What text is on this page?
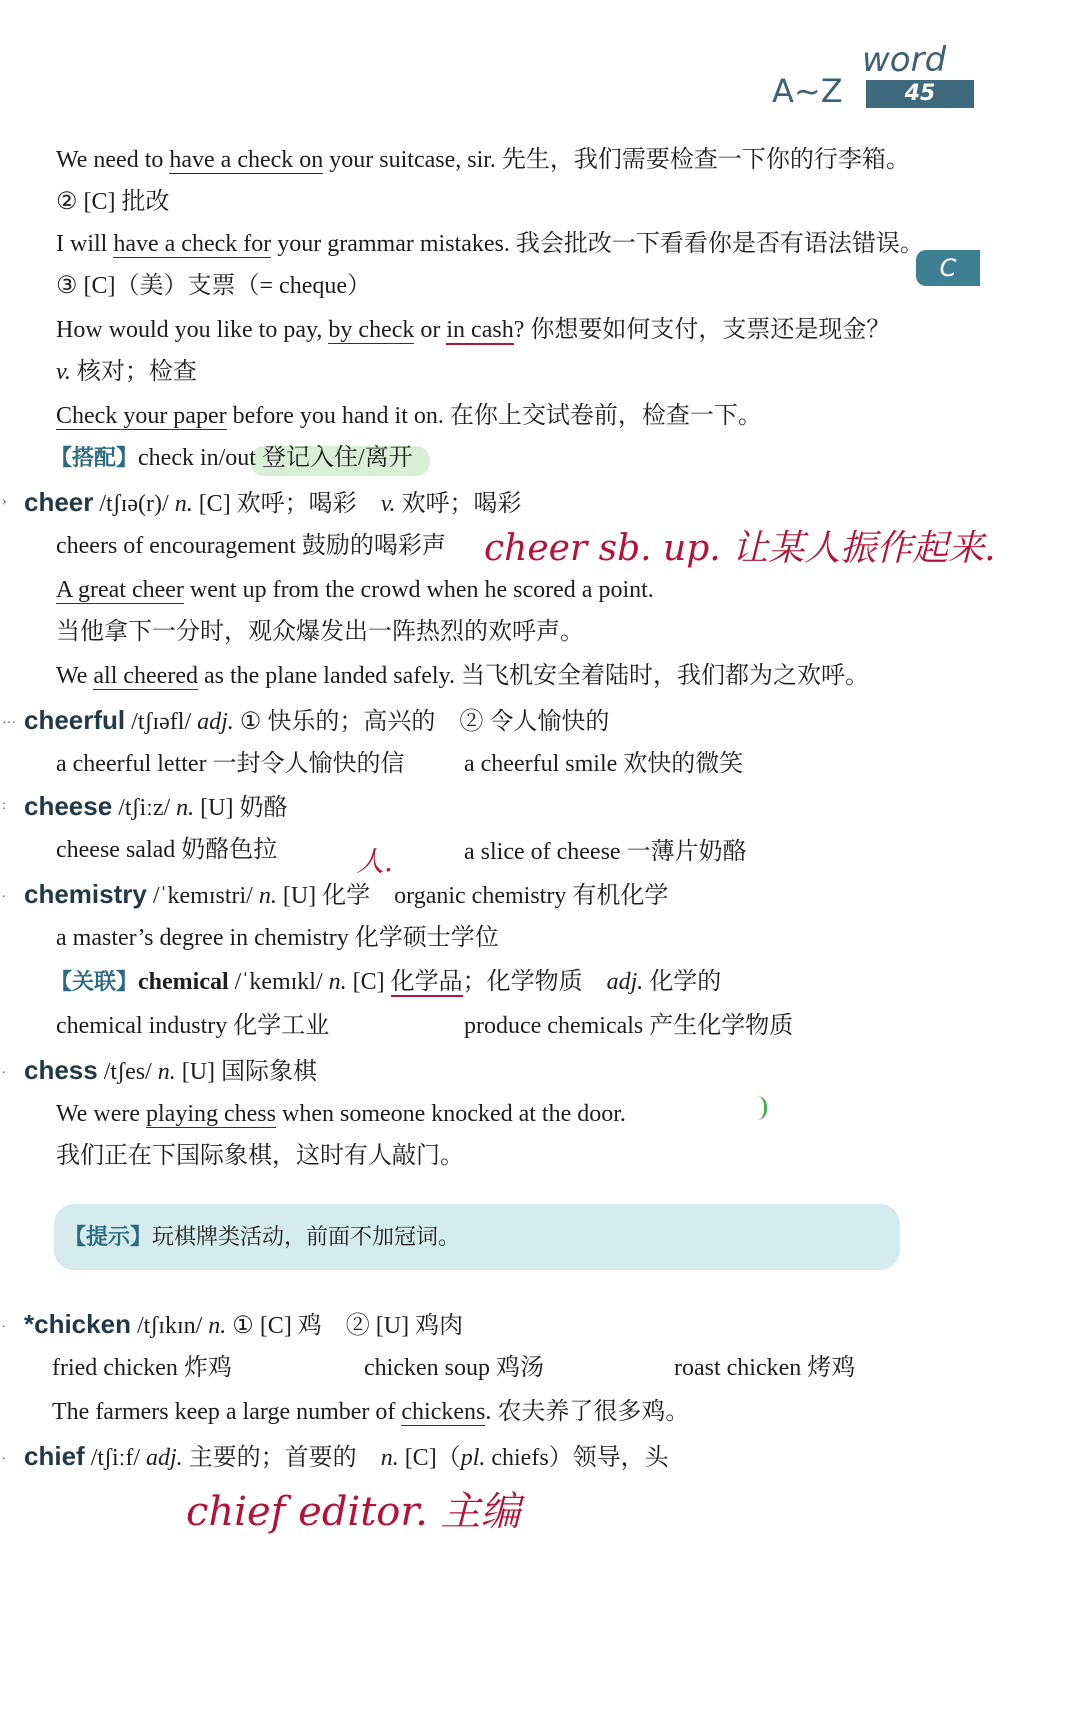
word
A~Z	45
C
We need to have a check on your suitcase, sir. 先生，我们需要检查一下你的行李箱。
② [C] 批改
I will have a check for your grammar mistakes. 我会批改一下看看你是否有语法错误。
③ [C]（美）支票（= cheque）
How would you like to pay, by check or in cash? 你想要如何支付，支票还是现金？
v. 核对；检查
Check your paper before you hand it on. 在你上交试卷前，检查一下。
【搭配】check in/out 登记入住/离开
› cheer /tʃɪə(r)/ n. [C] 欢呼；喝彩　 v. 欢呼；喝彩
cheers of encouragement 鼓励的喝彩声 cheer sb. up. 让某人振作起来.
A great cheer went up from the crowd when he scored a point.
当他拿下一分时，观众爆发出一阵热烈的欢呼声。
We all cheered as the plane landed safely. 当飞机安全着陆时，我们都为之欢呼。
… cheerful /tʃɪəfl/ adj. ① 快乐的；高兴的　② 令人愉快的
a cheerful letter 一封令人愉快的信 a cheerful smile 欢快的微笑
: cheese /tʃiːz/ n. [U] 奶酪
cheese salad 奶酪色拉	人.	a slice of cheese 一薄片奶酪
. chemistry /ˈkemɪstri/ n. [U] 化学　organic chemistry 有机化学
a master’s degree in chemistry 化学硕士学位
【关联】chemical /ˈkemɪkl/ n. [C] 化学品；化学物质　adj. 化学的
chemical industry 化学工业	produce chemicals 产生化学物质
. chess /tʃes/ n. [U] 国际象棋
We were playing chess when someone knocked at the door.
我们正在下国际象棋，这时有人敲门。
【提示】玩棋牌类活动，前面不加冠词。
. *chicken /tʃɪkɪn/ n. ① [C] 鸡　② [U] 鸡肉
fried chicken 炸鸡	chicken soup 鸡汤	roast chicken 烤鸡
The farmers keep a large number of chickens. 农夫养了很多鸡。
. chief /tʃiːf/ adj. 主要的；首要的　n. [C]（pl. chiefs）领导，头
chief editor. 主编
